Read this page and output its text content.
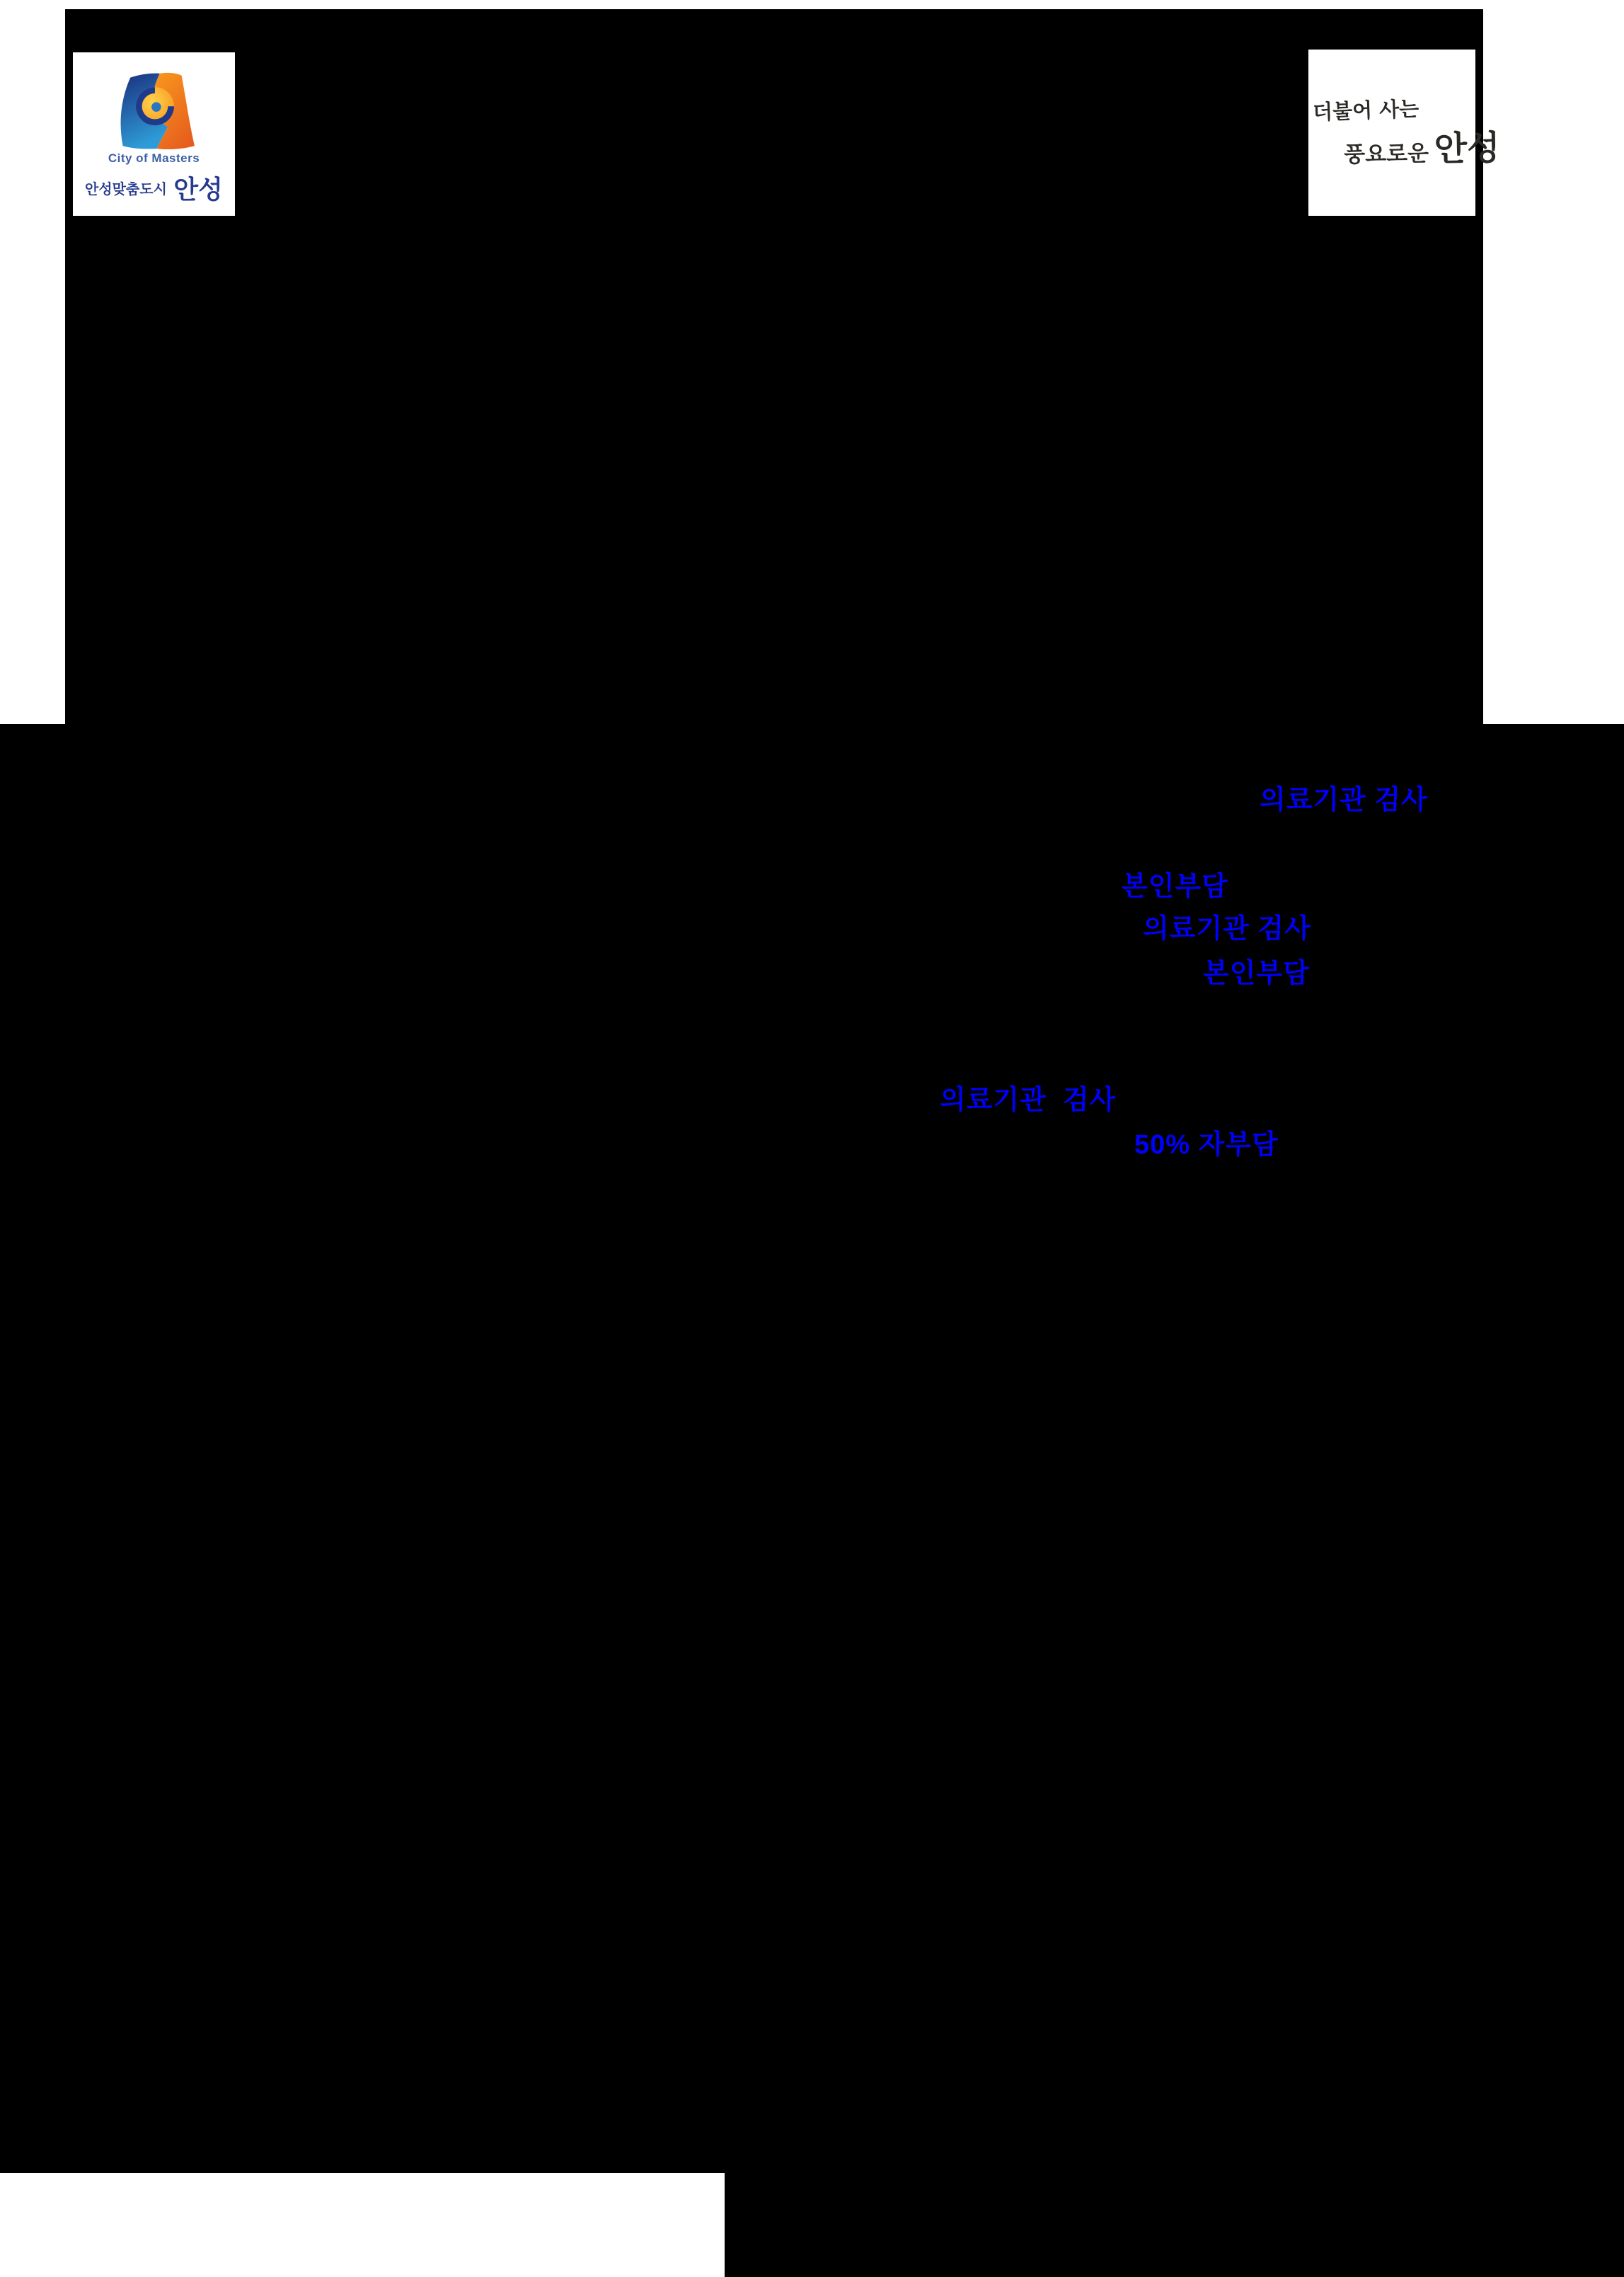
City of Masters
안성맞춤도시 안성
더불어 사는
풍요로운 안성
의료기관 검사
본인부담
의료기관 검사
본인부담
의료기관  검사
50% 자부담
